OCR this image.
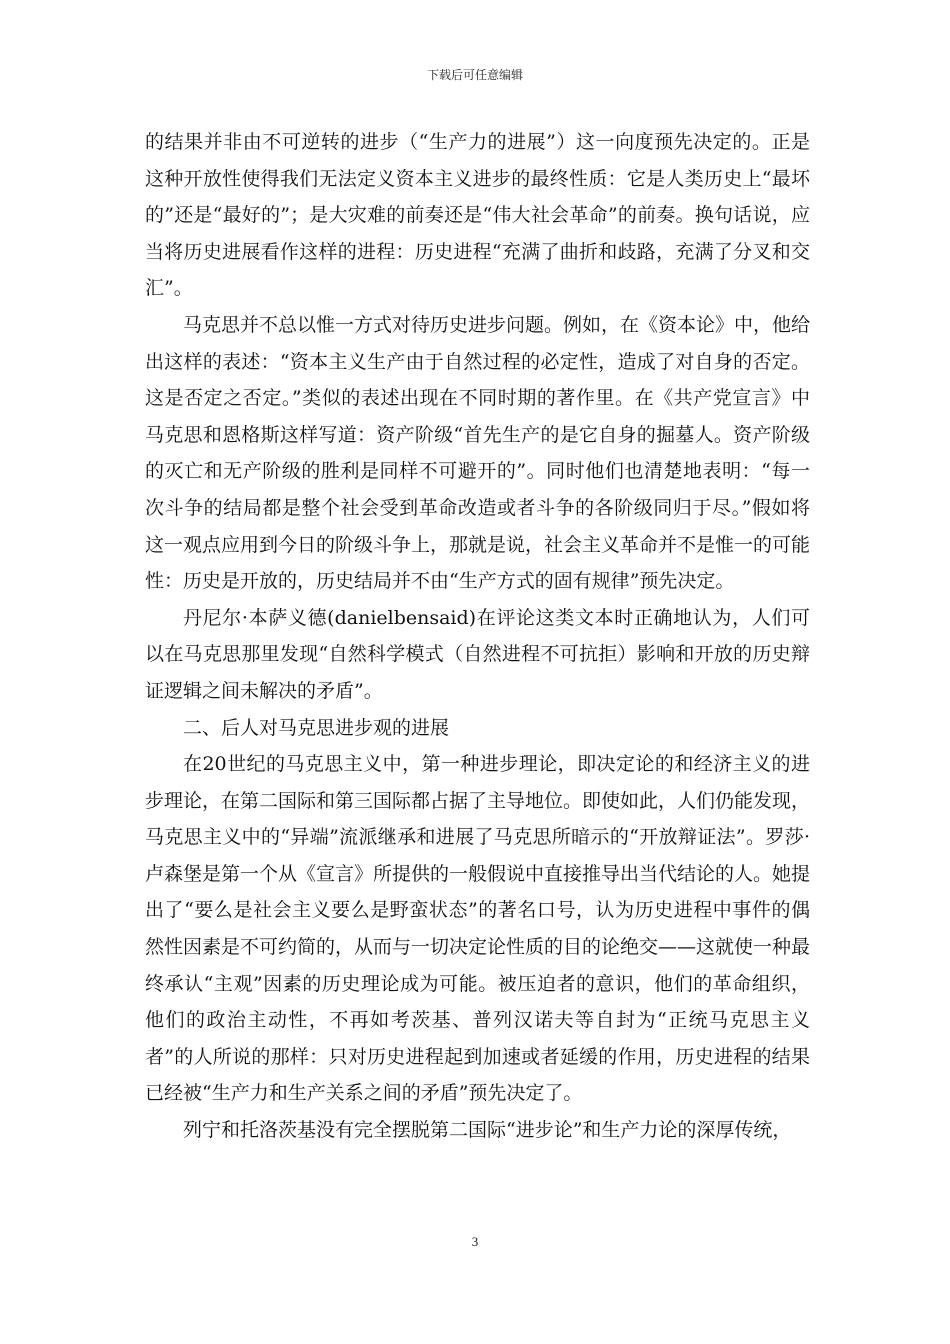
下载后可任意编辑

的结果并非由不可逆转的进步（“生产力的进展”）这一向度预先决定的。正是这种开放性使得我们无法定义资本主义进步的最终性质：它是人类历史上“最坏的”还是“最好的”；是大灾难的前奏还是“伟大社会革命”的前奏。换句话说，应当将历史进展看作这样的进程：历史进程“充满了曲折和歧路，充满了分叉和交汇”。

马克思并不总以惟一方式对待历史进步问题。例如，在《资本论》中，他给出这样的表述：“资本主义生产由于自然过程的必定性，造成了对自身的否定。这是否定之否定。”类似的表述出现在不同时期的著作里。在《共产党宣言》中马克思和恩格斯这样写道：资产阶级“首先生产的是它自身的掘墓人。资产阶级的灭亡和无产阶级的胜利是同样不可避开的”。同时他们也清楚地表明：“每一次斗争的结局都是整个社会受到革命改造或者斗争的各阶级同归于尽。”假如将这一观点应用到今日的阶级斗争上，那就是说，社会主义革命并不是惟一的可能性：历史是开放的，历史结局并不由“生产方式的固有规律”预先决定。

丹尼尔·本萨义德(danielbensaid)在评论这类文本时正确地认为，人们可以在马克思那里发现“自然科学模式（自然进程不可抗拒）影响和开放的历史辩证逻辑之间未解决的矛盾”。

二、后人对马克思进步观的进展

在20世纪的马克思主义中，第一种进步理论，即决定论的和经济主义的进步理论，在第二国际和第三国际都占据了主导地位。即使如此，人们仍能发现，马克思主义中的“异端”流派继承和进展了马克思所暗示的“开放辩证法”。罗莎·卢森堡是第一个从《宣言》所提供的一般假说中直接推导出当代结论的人。她提出了“要么是社会主义要么是野蛮状态”的著名口号，认为历史进程中事件的偶然性因素是不可约简的，从而与一切决定论性质的目的论绝交——这就使一种最终承认“主观”因素的历史理论成为可能。被压迫者的意识，他们的革命组织，他们的政治主动性，不再如考茨基、普列汉诺夫等自封为“正统马克思主义者”的人所说的那样：只对历史进程起到加速或者延缓的作用，历史进程的结果已经被“生产力和生产关系之间的矛盾”预先决定了。

列宁和托洛茨基没有完全摆脱第二国际“进步论”和生产力论的深厚传统，

3
